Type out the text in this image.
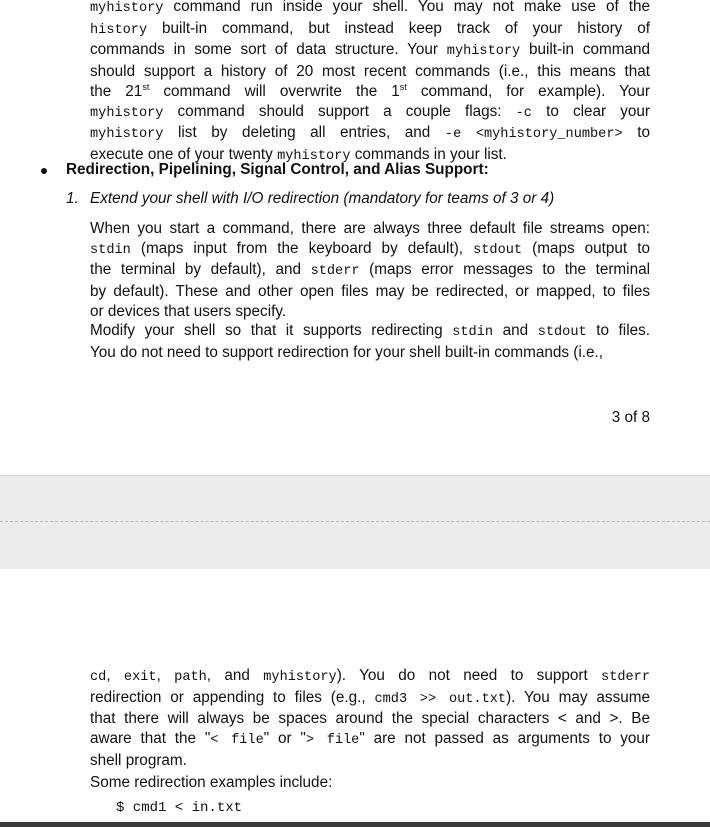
myhistory command run inside your shell. You may not make use of the
history built-in command, but instead keep track of your history of
commands in some sort of data structure. Your myhistory built-in command
should support a history of 20 most recent commands (i.e., this means that
the 21st command will overwrite the 1st command, for example). Your
myhistory command should support a couple flags: -c to clear your
myhistory list by deleting all entries, and -e <myhistory_number> to
execute one of your twenty myhistory commands in your list.
Redirection, Pipelining, Signal Control, and Alias Support:
1. Extend your shell with I/O redirection (mandatory for teams of 3 or 4)
When you start a command, there are always three default file streams open:
stdin (maps input from the keyboard by default), stdout (maps output to
the terminal by default), and stderr (maps error messages to the terminal
by default). These and other open files may be redirected, or mapped, to files
or devices that users specify.
Modify your shell so that it supports redirecting stdin and stdout to files.
You do not need to support redirection for your shell built-in commands (i.e.,
3 of 8
cd, exit, path, and myhistory). You do not need to support stderr
redirection or appending to files (e.g., cmd3 >> out.txt). You may assume
that there will always be spaces around the special characters < and >. Be
aware that the "< file" or "> file" are not passed as arguments to your
shell program.
Some redirection examples include:
$ cmd1 < in.txt
